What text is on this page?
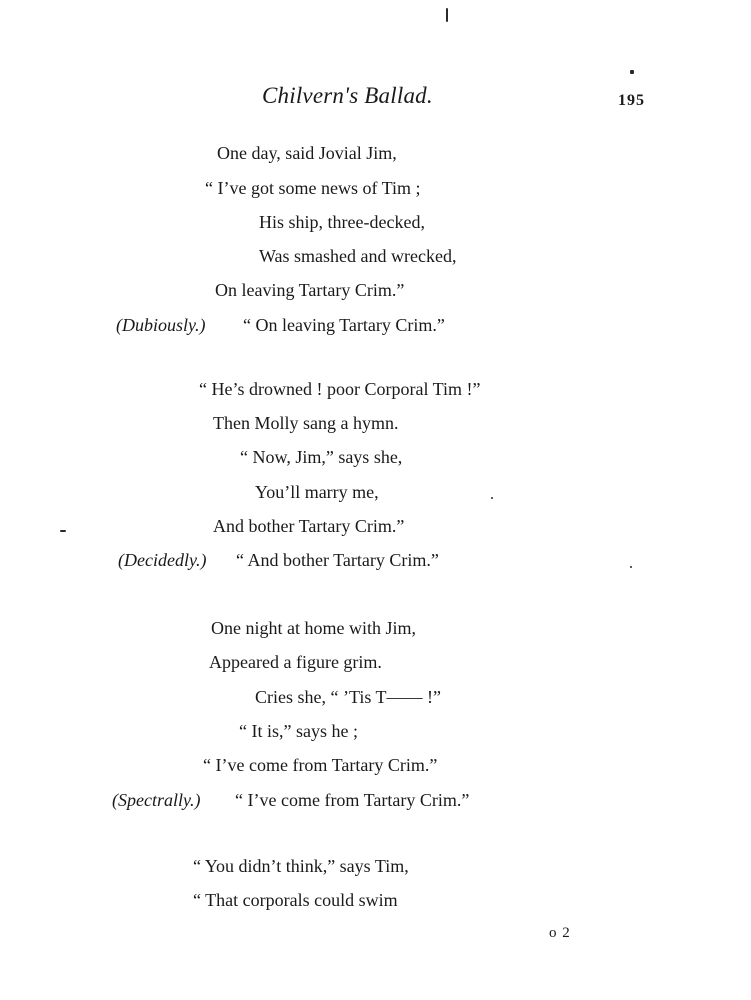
Chilvern's Ballad.	195
One day, said Jovial Jim,
“ I’ve got some news of Tim ;
His ship, three-decked,
Was smashed and wrecked,
On leaving Tartary Crim.”
(Dubiously.) “ On leaving Tartary Crim.”
“ He’s drowned ! poor Corporal Tim !”
Then Molly sang a hymn.
“ Now, Jim,” says she,
You’ll marry me,
And bother Tartary Crim.”
(Decidedly.) “ And bother Tartary Crim.”
One night at home with Jim,
Appeared a figure grim.
Cries she, “ ’Tis T—— !”
“ It is,” says he ;
“ I’ve come from Tartary Crim.”
(Spectrally.) “ I’ve come from Tartary Crim.”
“ You didn’t think,” says Tim,
“ That corporals could swim
o 2
